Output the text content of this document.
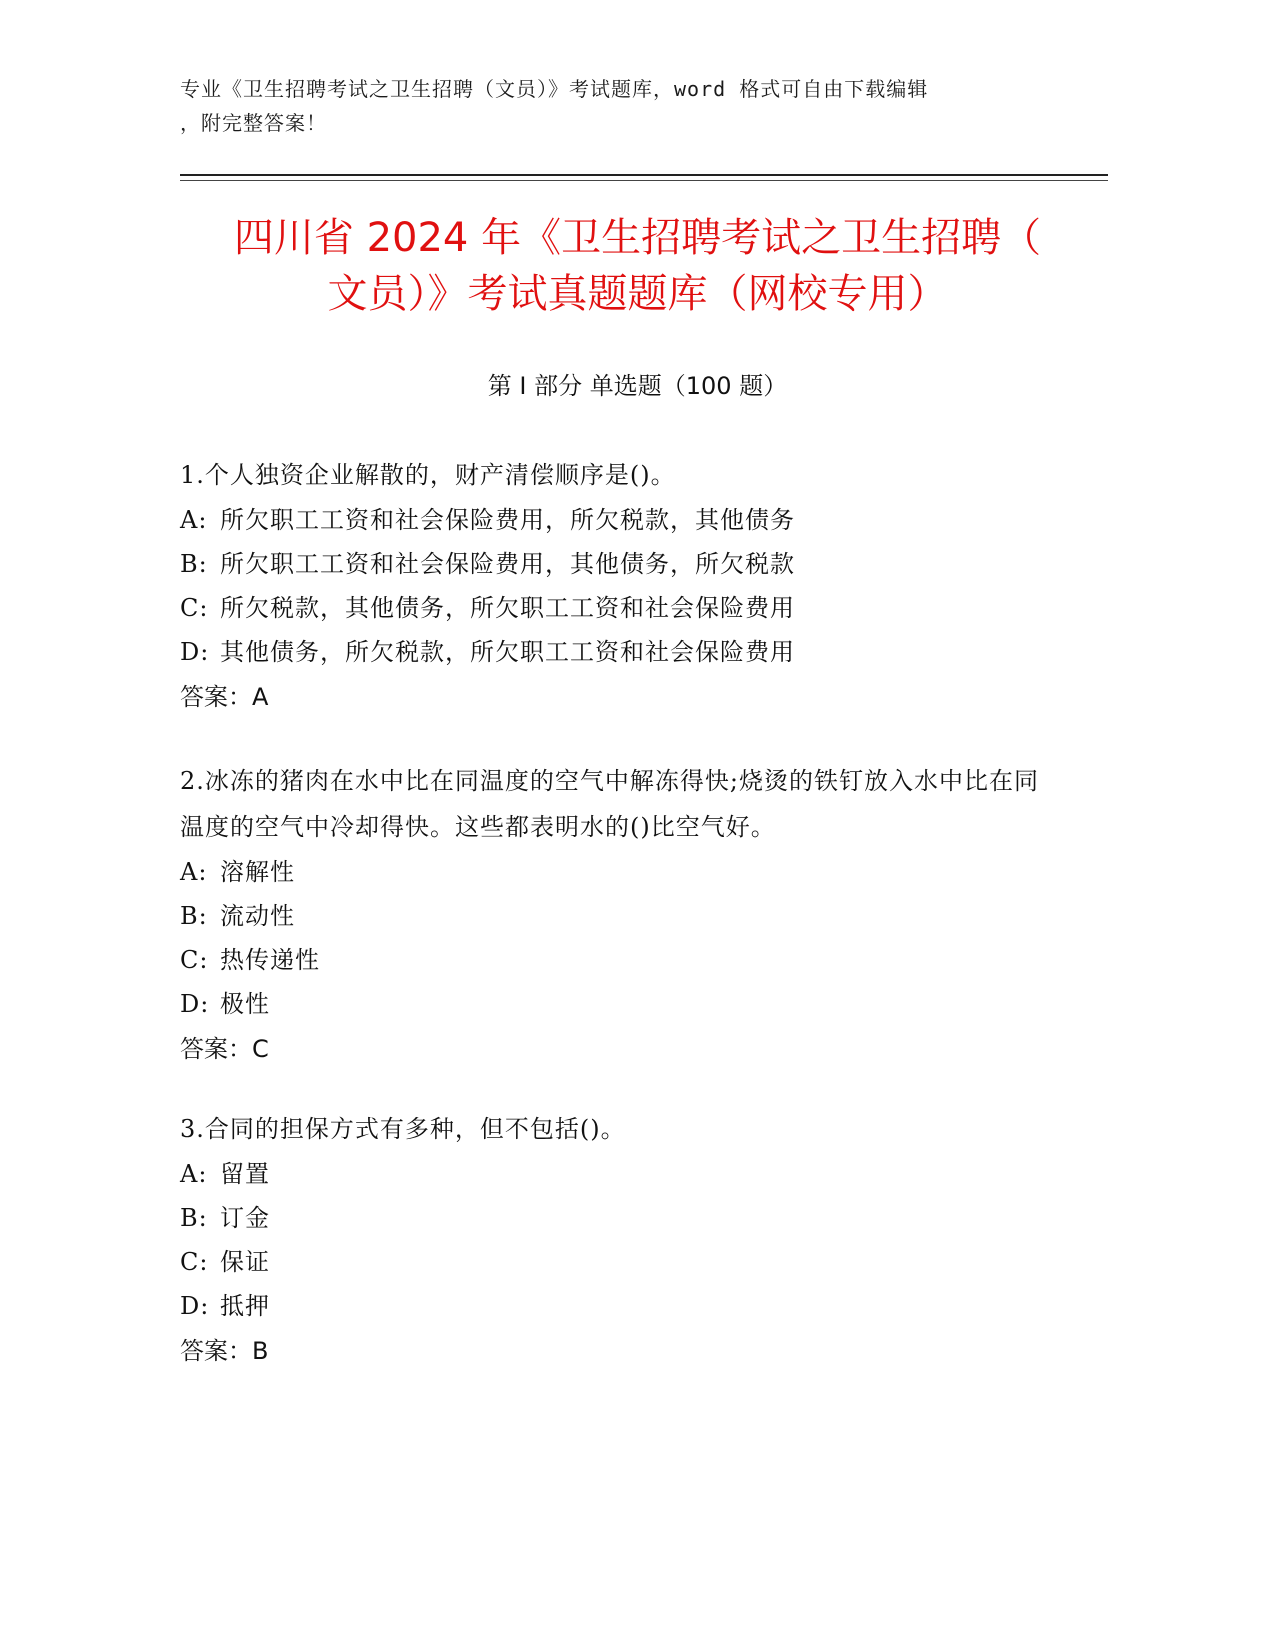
专业《卫生招聘考试之卫生招聘（文员）》考试题库，word 格式可自由下载编辑
，附完整答案！
四川省 2024 年《卫生招聘考试之卫生招聘（
文员）》考试真题题库（网校专用）
第 I 部分 单选题（100 题）
1.个人独资企业解散的，财产清偿顺序是()。
A: 所欠职工工资和社会保险费用，所欠税款，其他债务
B: 所欠职工工资和社会保险费用，其他债务，所欠税款
C: 所欠税款，其他债务，所欠职工工资和社会保险费用
D: 其他债务，所欠税款，所欠职工工资和社会保险费用
答案：A
2.冰冻的猪肉在水中比在同温度的空气中解冻得快;烧烫的铁钉放入水中比在同温度的空气中冷却得快。这些都表明水的()比空气好。
A: 溶解性
B: 流动性
C: 热传递性
D: 极性
答案：C
3.合同的担保方式有多种，但不包括()。
A: 留置
B: 订金
C: 保证
D: 抵押
答案：B
